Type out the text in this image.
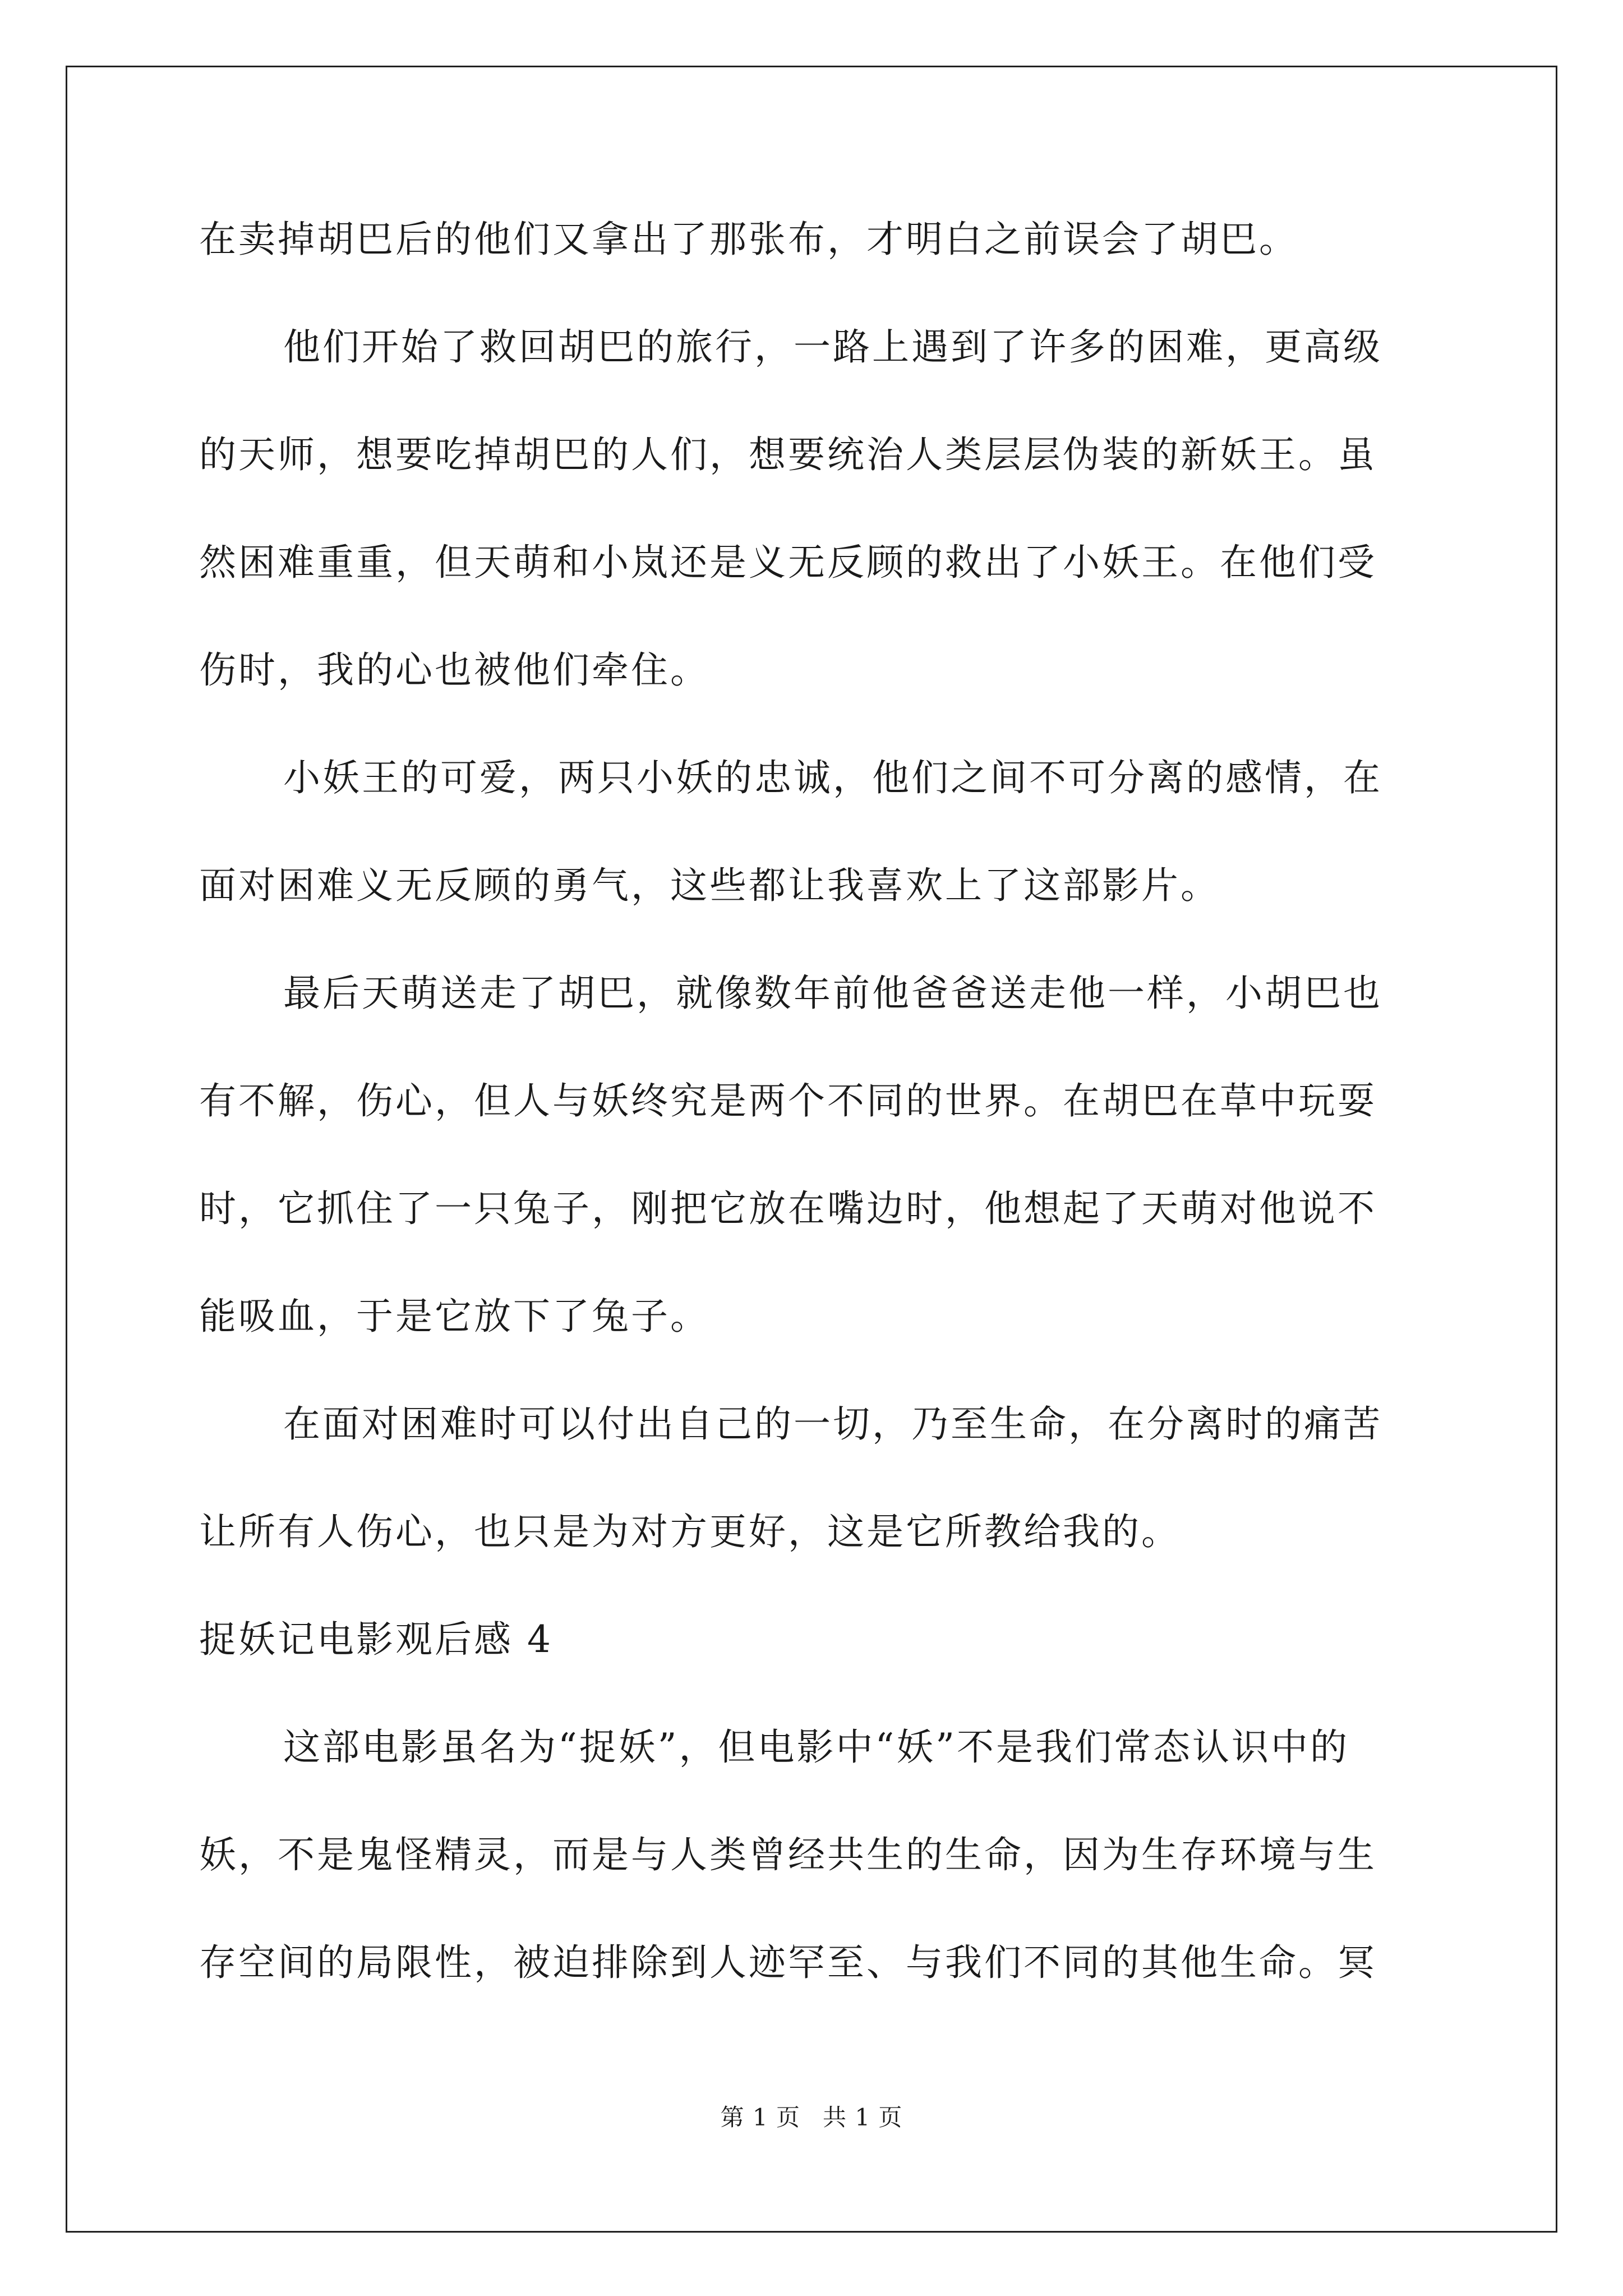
在卖掉胡巴后的他们又拿出了那张布，才明白之前误会了胡巴。
他们开始了救回胡巴的旅行，一路上遇到了许多的困难，更高级
的天师，想要吃掉胡巴的人们，想要统治人类层层伪装的新妖王。虽
然困难重重，但天萌和小岚还是义无反顾的救出了小妖王。在他们受
伤时，我的心也被他们牵住。
小妖王的可爱，两只小妖的忠诚，他们之间不可分离的感情，在
面对困难义无反顾的勇气，这些都让我喜欢上了这部影片。
最后天萌送走了胡巴，就像数年前他爸爸送走他一样，小胡巴也
有不解，伤心，但人与妖终究是两个不同的世界。在胡巴在草中玩耍
时，它抓住了一只兔子，刚把它放在嘴边时，他想起了天萌对他说不
能吸血，于是它放下了兔子。
在面对困难时可以付出自己的一切，乃至生命，在分离时的痛苦
让所有人伤心，也只是为对方更好，这是它所教给我的。
捉妖记电影观后感 4
这部电影虽名为“捉妖”，但电影中“妖”不是我们常态认识中的
妖，不是鬼怪精灵，而是与人类曾经共生的生命，因为生存环境与生
存空间的局限性，被迫排除到人迹罕至、与我们不同的其他生命。冥
第 1 页 共 1 页
